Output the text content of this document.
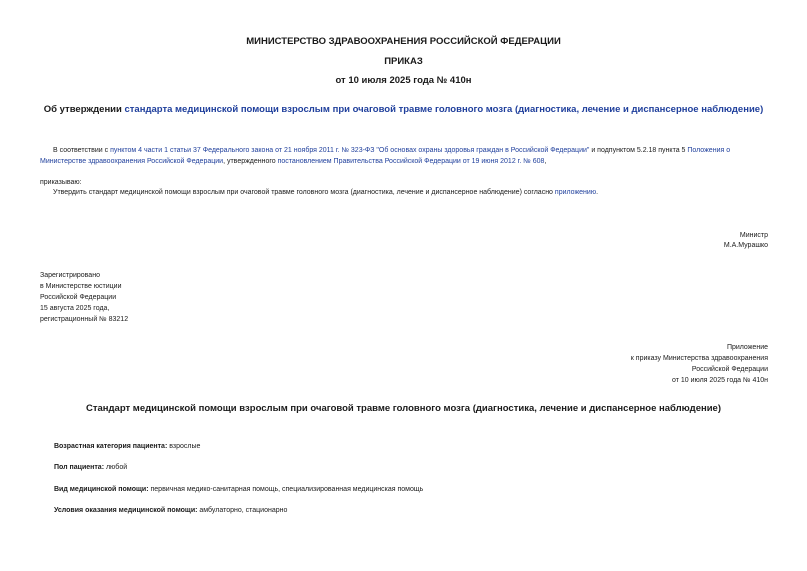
МИНИСТЕРСТВО ЗДРАВООХРАНЕНИЯ РОССИЙСКОЙ ФЕДЕРАЦИИ
ПРИКАЗ
от 10 июля 2025 года № 410н
Об утверждении стандарта медицинской помощи взрослым при очаговой травме головного мозга (диагностика, лечение и диспансерное наблюдение)
В соответствии с пунктом 4 части 1 статьи 37 Федерального закона от 21 ноября 2011 г. № 323-ФЗ "Об основах охраны здоровья граждан в Российской Федерации" и подпунктом 5.2.18 пункта 5 Положения о
Министерстве здравоохранения Российской Федерации, утвержденного постановлением Правительства Российской Федерации от 19 июня 2012 г. № 608,
приказываю:
Утвердить стандарт медицинской помощи взрослым при очаговой травме головного мозга (диагностика, лечение и диспансерное наблюдение) согласно приложению.
Министр
М.А.Мурашко
Зарегистрировано
в Министерстве юстиции
Российской Федерации
15 августа 2025 года,
регистрационный № 83212
Приложение
к приказу Министерства здравоохранения
Российской Федерации
от 10 июля 2025 года № 410н
Стандарт медицинской помощи взрослым при очаговой травме головного мозга (диагностика, лечение и диспансерное наблюдение)
Возрастная категория пациента: взрослые
Пол пациента: любой
Вид медицинской помощи: первичная медико-санитарная помощь, специализированная медицинская помощь
Условия оказания медицинской помощи: амбулаторно, стационарно
